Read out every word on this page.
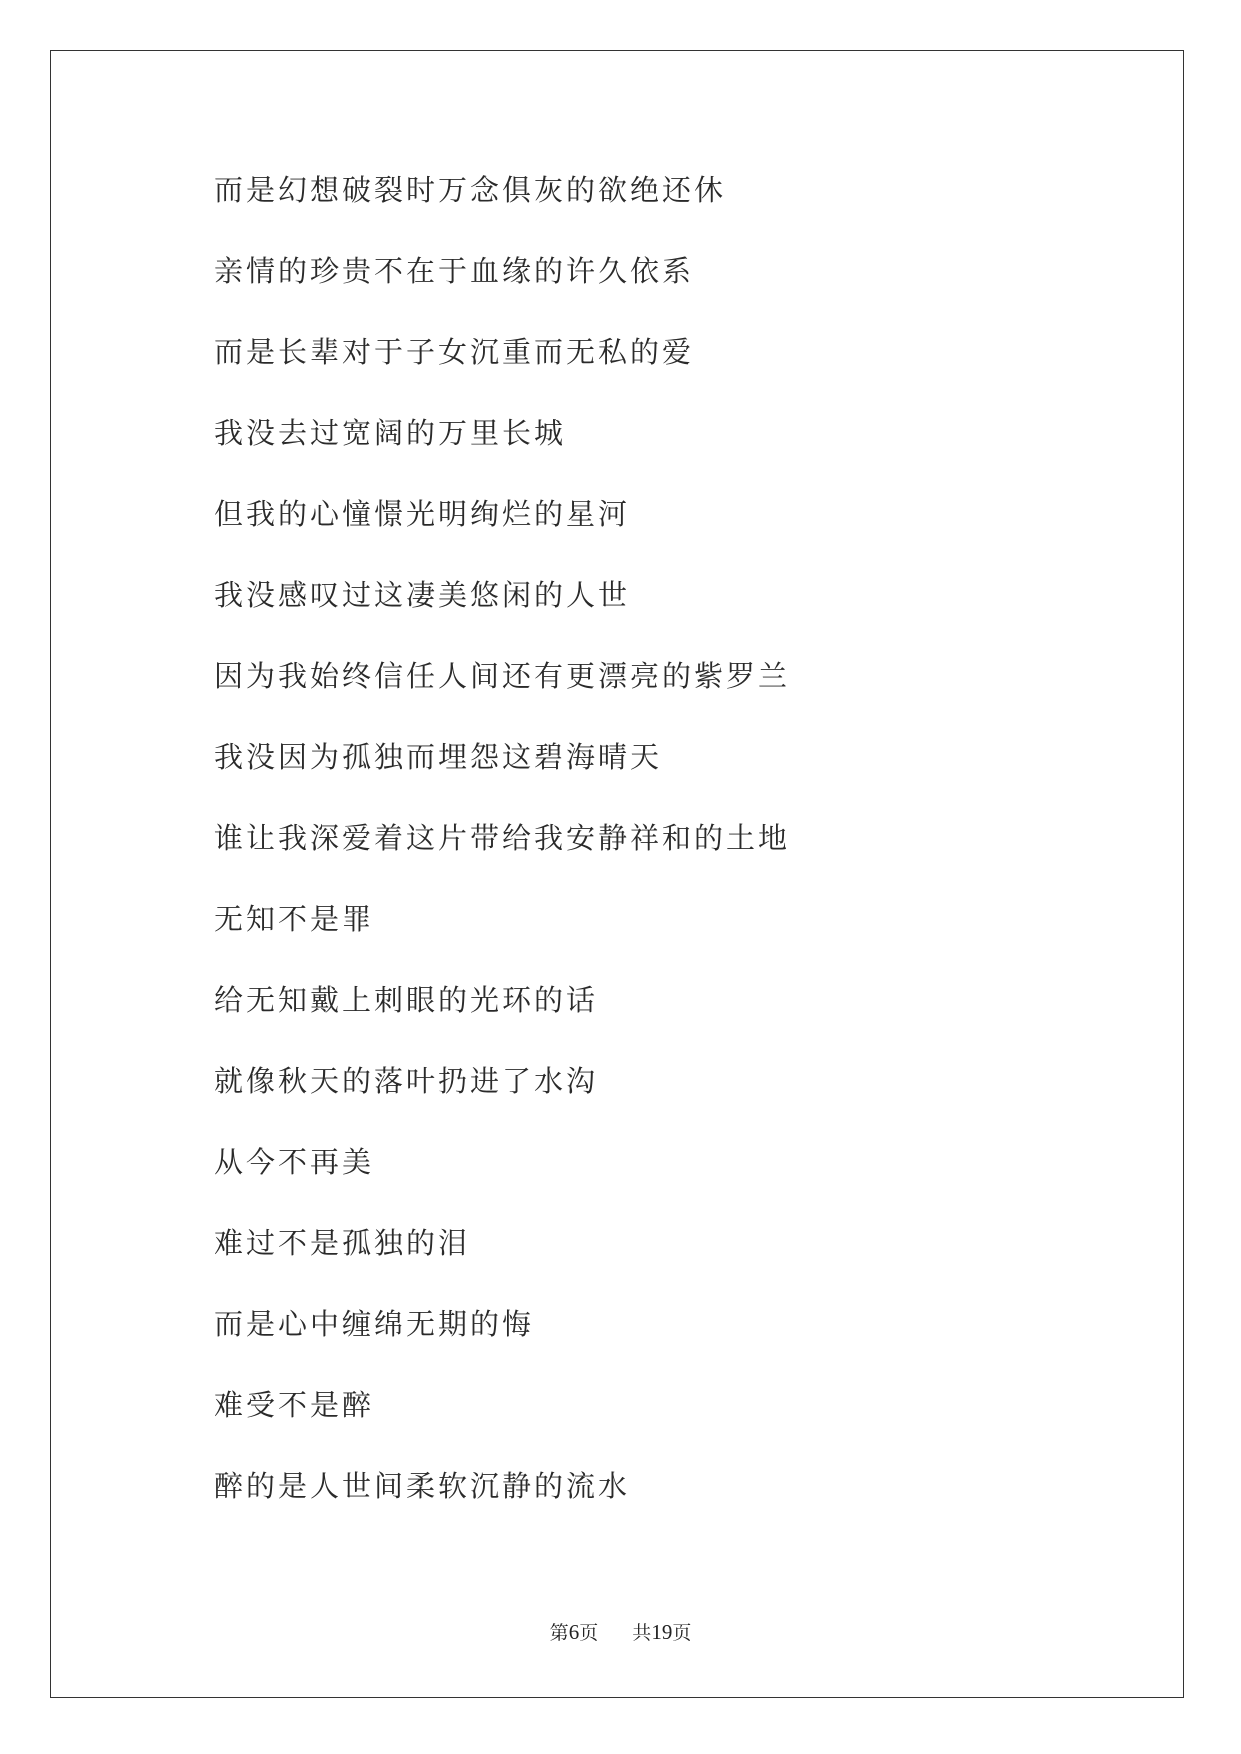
而是幻想破裂时万念俱灰的欲绝还休
亲情的珍贵不在于血缘的许久依系
而是长辈对于子女沉重而无私的爱
我没去过宽阔的万里长城
但我的心憧憬光明绚烂的星河
我没感叹过这凄美悠闲的人世
因为我始终信任人间还有更漂亮的紫罗兰
我没因为孤独而埋怨这碧海晴天
谁让我深爱着这片带给我安静祥和的土地
无知不是罪
给无知戴上刺眼的光环的话
就像秋天的落叶扔进了水沟
从今不再美
难过不是孤独的泪
而是心中缠绵无期的悔
难受不是醉
醉的是人世间柔软沉静的流水
第6页 共19页
